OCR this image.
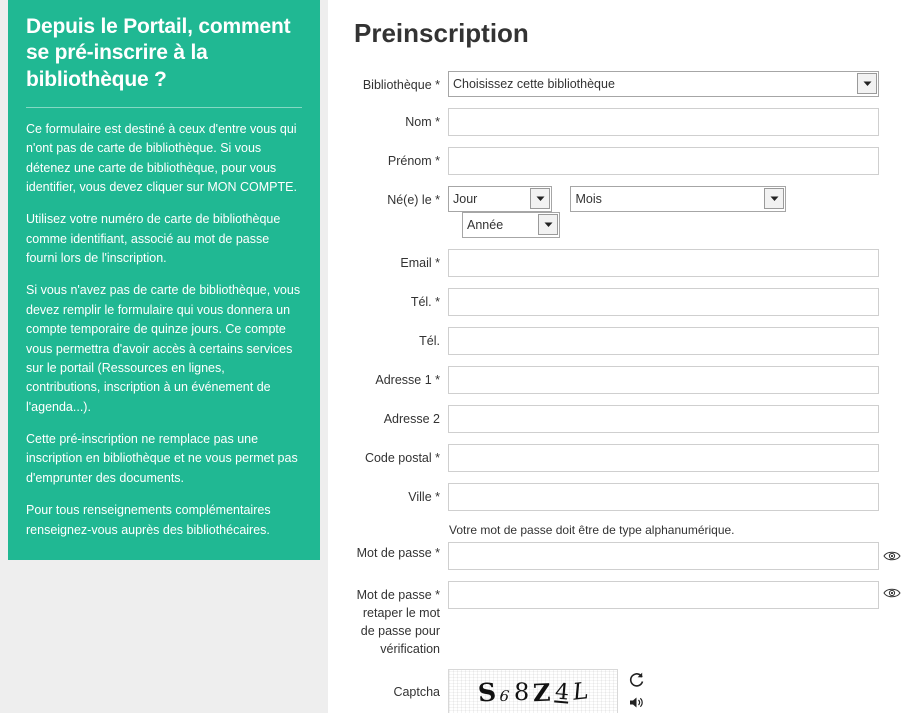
Depuis le Portail, comment se pré-inscrire à la bibliothèque ?

Ce formulaire est destiné à ceux d'entre vous qui n'ont pas de carte de bibliothèque. Si vous détenez une carte de bibliothèque, pour vous identifier, vous devez cliquer sur MON COMPTE.

Utilisez votre numéro de carte de bibliothèque comme identifiant, associé au mot de passe fourni lors de l'inscription.

Si vous n'avez pas de carte de bibliothèque, vous devez remplir le formulaire qui vous donnera un compte temporaire de quinze jours. Ce compte vous permettra d'avoir accès à certains services sur le portail (Ressources en lignes, contributions, inscription à un événement de l'agenda...).

Cette pré-inscription ne remplace pas une inscription en bibliothèque et ne vous permet pas d'emprunter des documents.

Pour tous renseignements complémentaires renseignez-vous auprès des bibliothécaires.

Preinscription
Bibliothèque *
Choisissez cette bibliothèque
Nom *
Prénom *
Né(e) le *
Jour

Mois

Année
Email *
Tél. *
Tél.
Adresse 1 *
Adresse 2
Code postal *
Ville *
Mot de passe *
Votre mot de passe doit être de type alphanumérique.
Mot de passe * retaper le mot de passe pour vérification
Captcha	S 6 8 Z 4 L
